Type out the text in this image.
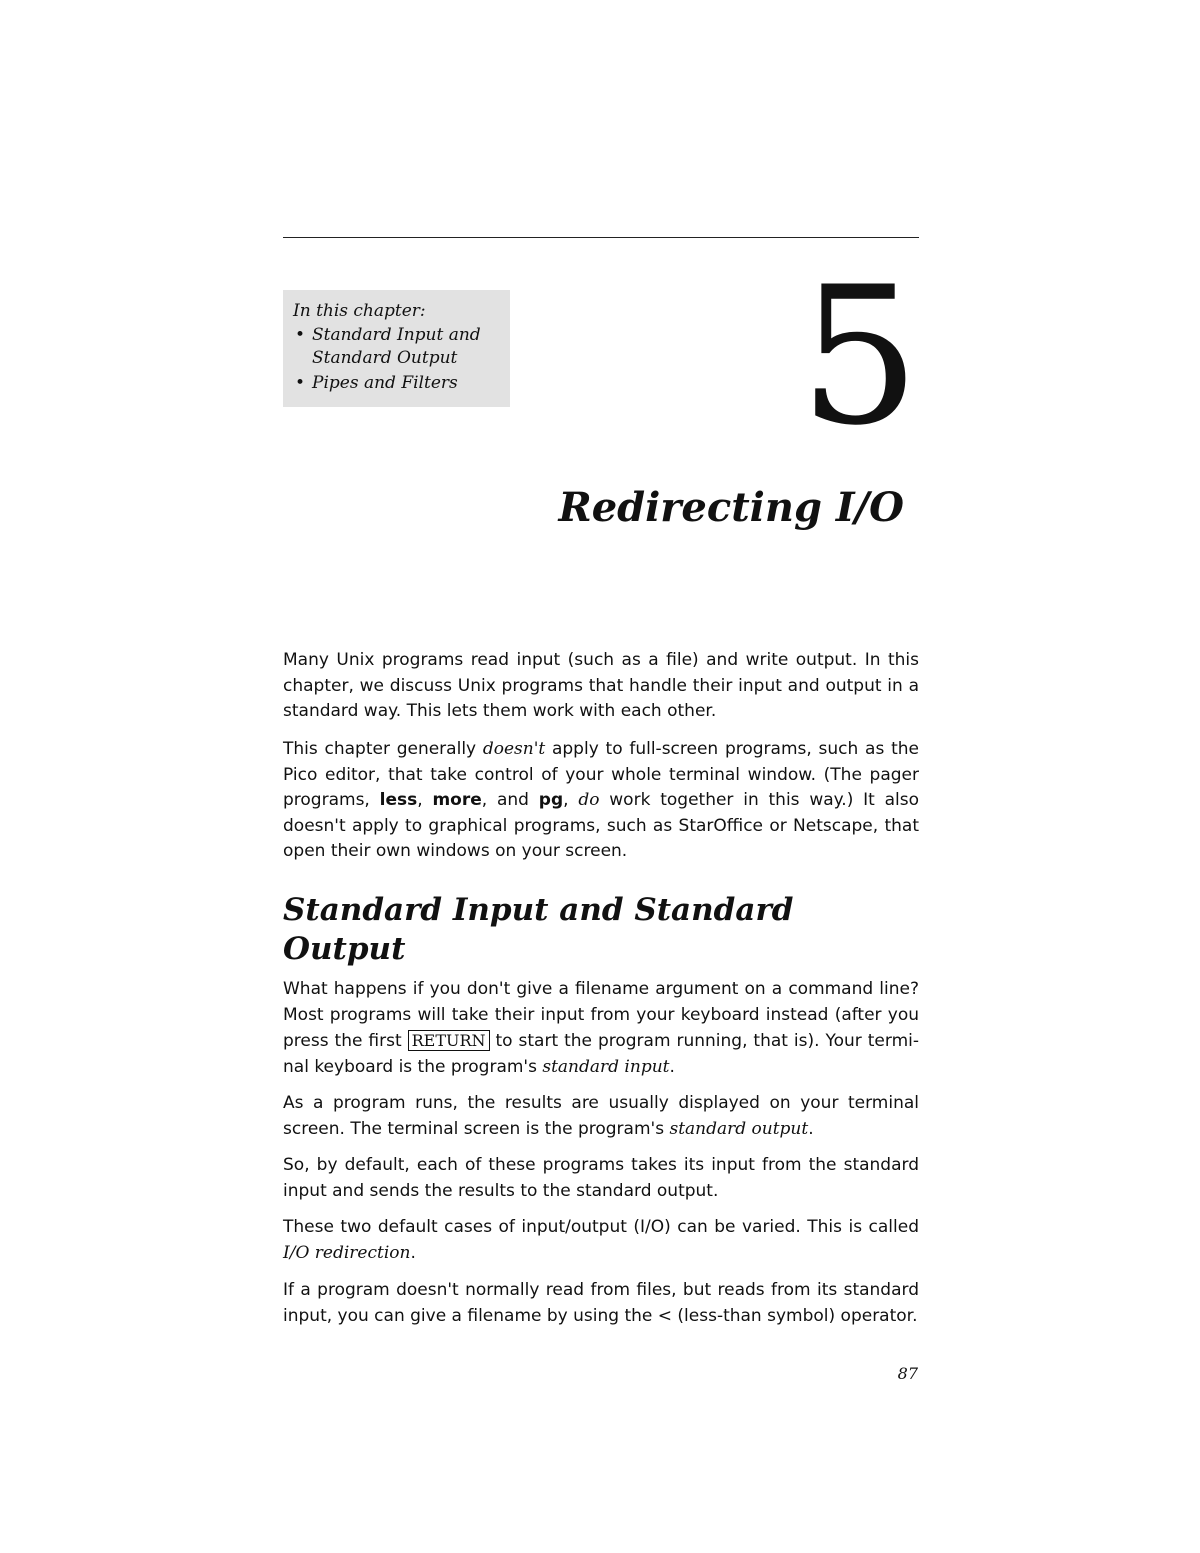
In this chapter:
• Standard Input and Standard Output
• Pipes and Filters 5
Redirecting I/O

Many Unix programs read input (such as a file) and write output. In this chapter, we discuss Unix programs that handle their input and output in a standard way. This lets them work with each other.

This chapter generally doesn't apply to full-screen programs, such as the Pico editor, that take control of your whole terminal window. (The pager programs, less, more, and pg, do work together in this way.) It also doesn't apply to graphical programs, such as StarOffice or Netscape, that open their own windows on your screen.

Standard Input and Standard Output

What happens if you don't give a filename argument on a command line? Most programs will take their input from your keyboard instead (after you press the first RETURN to start the program running, that is). Your terminal keyboard is the program's standard input.

As a program runs, the results are usually displayed on your terminal screen. The terminal screen is the program's standard output.

So, by default, each of these programs takes its input from the standard input and sends the results to the standard output.

These two default cases of input/output (I/O) can be varied. This is called I/O redirection.

If a program doesn't normally read from files, but reads from its standard input, you can give a filename by using the < (less-than symbol) operator.

87
